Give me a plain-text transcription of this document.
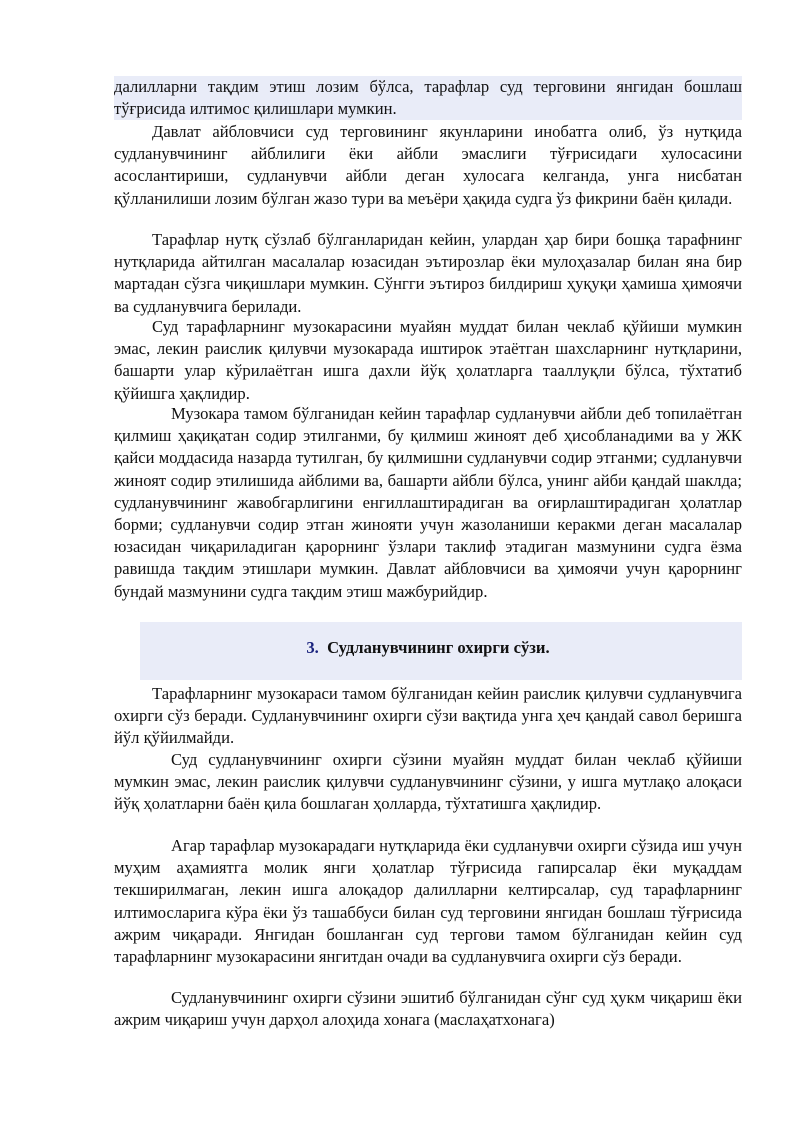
далилларни тақдим этиш лозим бўлса, тарафлар суд терговини янгидан бошлаш тўғрисида илтимос қилишлари мумкин.

Давлат айбловчиси суд терговининг якунларини инобатга олиб, ўз нутқида судланувчининг айблилиги ёки айбли эмаслиги тўғрисидаги хулосасини асослантириши, судланувчи айбли деган хулосага келганда, унга нисбатан қўлланилиши лозим бўлган жазо тури ва меъёри ҳақида судга ўз фикрини баён қилади.

Тарафлар нутқ сўзлаб бўлганларидан кейин, улардан ҳар бири бошқа тарафнинг нутқларида айтилган масалалар юзасидан эътирозлар ёки мулоҳазалар билан яна бир мартадан сўзга чиқишлари мумкин. Сўнгги эътироз билдириш ҳуқуқи ҳамиша ҳимоячи ва судланувчига берилади.

Суд тарафларнинг музокарасини муайян муддат билан чеклаб қўйиши мумкин эмас, лекин раислик қилувчи музокарада иштирок этаётган шахсларнинг нутқларини, башарти улар кўрилаётган ишга дахли йўқ ҳолатларга тааллуқли бўлса, тўхтатиб қўйишга ҳақлидир.

Музокара тамом бўлганидан кейин тарафлар судланувчи айбли деб топилаётган қилмиш ҳақиқатан содир этилганми, бу қилмиш жиноят деб ҳисобланадими ва у ЖК қайси моддасида назарда тутилган, бу қилмишни судланувчи содир этганми; судланувчи жиноят содир этилишида айблими ва, башарти айбли бўлса, унинг айби қандай шаклда; судланувчининг жавобгарлигини енгиллаштирадиган ва оғирлаштирадиган ҳолатлар борми; судланувчи содир этган жинояти учун жазоланиши керакми деган масалалар юзасидан чиқариладиган қарорнинг ўзлари таклиф этадиган мазмунини судга ёзма равишда тақдим этишлари мумкин. Давлат айбловчиси ва ҳимоячи учун қарорнинг бундай мазмунини судга тақдим этиш мажбурийдир.

3. Судланувчининг охирги сўзи.

Тарафларнинг музокараси тамом бўлганидан кейин раислик қилувчи судланувчига охирги сўз беради. Судланувчининг охирги сўзи вақтида унга ҳеч қандай савол беришга йўл қўйилмайди.

Суд судланувчининг охирги сўзини муайян муддат билан чеклаб қўйиши мумкин эмас, лекин раислик қилувчи судланувчининг сўзини, у ишга мутлақо алоқаси йўқ ҳолатларни баён қила бошлаган ҳолларда, тўхтатишга ҳақлидир.

Агар тарафлар музокарадаги нутқларида ёки судланувчи охирги сўзида иш учун муҳим аҳамиятга молик янги ҳолатлар тўғрисида гапирсалар ёки муқаддам текширилмаган, лекин ишга алоқадор далилларни келтирсалар, суд тарафларнинг илтимосларига кўра ёки ўз ташаббуси билан суд терговини янгидан бошлаш тўғрисида ажрим чиқаради. Янгидан бошланган суд тергови тамом бўлганидан кейин суд тарафларнинг музокарасини янгитдан очади ва судланувчига охирги сўз беради.

Судланувчининг охирги сўзини эшитиб бўлганидан сўнг суд ҳукм чиқариш ёки ажрим чиқариш учун дарҳол алоҳида хонага (маслаҳатхонага)
